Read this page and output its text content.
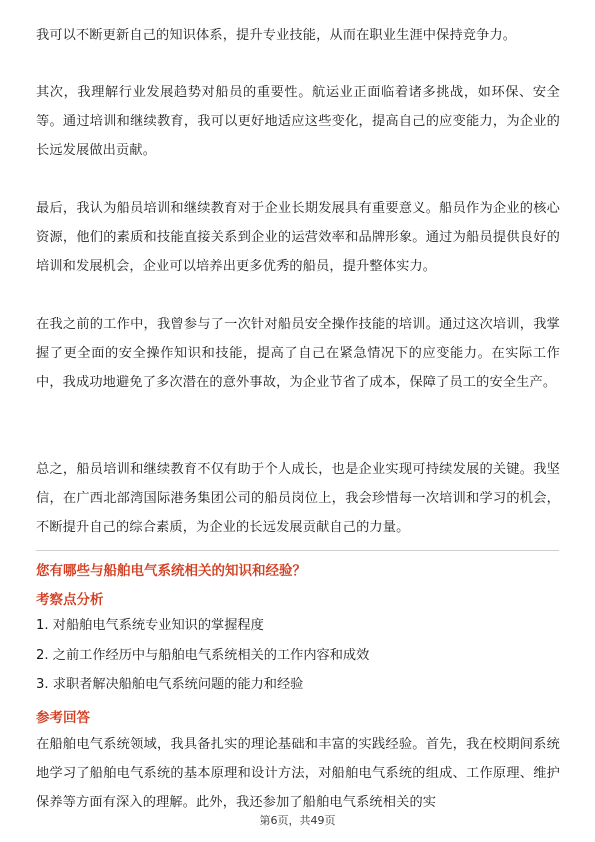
我可以不断更新自己的知识体系，提升专业技能，从而在职业生涯中保持竞争力。

其次，我理解行业发展趋势对船员的重要性。航运业正面临着诸多挑战，如环保、安全等。通过培训和继续教育，我可以更好地适应这些变化，提高自己的应变能力，为企业的长远发展做出贡献。

最后，我认为船员培训和继续教育对于企业长期发展具有重要意义。船员作为企业的核心资源，他们的素质和技能直接关系到企业的运营效率和品牌形象。通过为船员提供良好的培训和发展机会，企业可以培养出更多优秀的船员，提升整体实力。

在我之前的工作中，我曾参与了一次针对船员安全操作技能的培训。通过这次培训，我掌握了更全面的安全操作知识和技能，提高了自己在紧急情况下的应变能力。在实际工作中，我成功地避免了多次潜在的意外事故，为企业节省了成本，保障了员工的安全生产。

总之，船员培训和继续教育不仅有助于个人成长，也是企业实现可持续发展的关键。我坚信，在广西北部湾国际港务集团公司的船员岗位上，我会珍惜每一次培训和学习的机会，不断提升自己的综合素质，为企业的长远发展贡献自己的力量。

您有哪些与船舶电气系统相关的知识和经验？

考察点分析

1. 对船舶电气系统专业知识的掌握程度

2. 之前工作经历中与船舶电气系统相关的工作内容和成效

3. 求职者解决船舶电气系统问题的能力和经验

参考回答

在船舶电气系统领域，我具备扎实的理论基础和丰富的实践经验。首先，我在校期间系统地学习了船舶电气系统的基本原理和设计方法，对船舶电气系统的组成、工作原理、维护保养等方面有深入的理解。此外，我还参加了船舶电气系统相关的实

第6页，共49页
